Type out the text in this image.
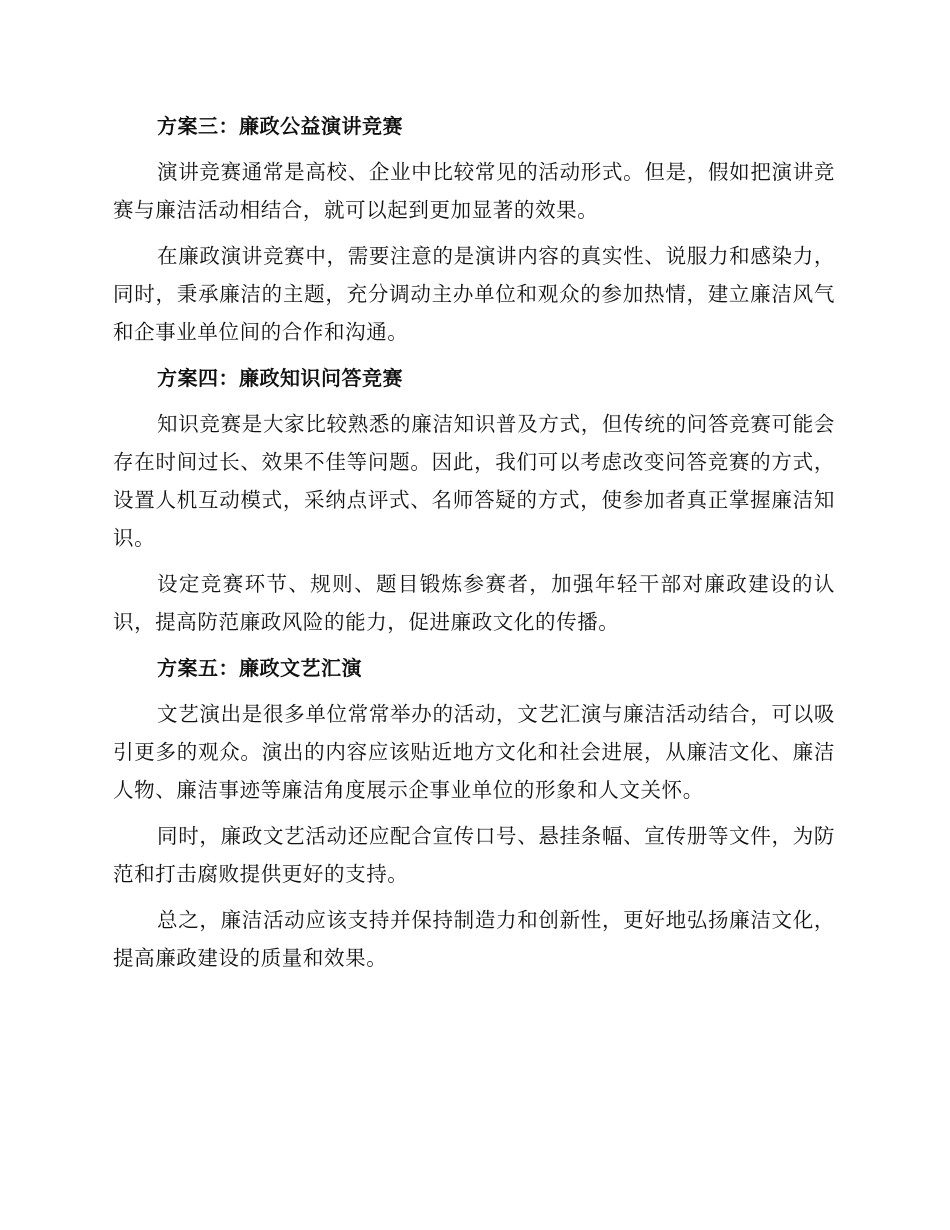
方案三：廉政公益演讲竞赛
演讲竞赛通常是高校、企业中比较常见的活动形式。但是，假如把演讲竞赛与廉洁活动相结合，就可以起到更加显著的效果。
在廉政演讲竞赛中，需要注意的是演讲内容的真实性、说服力和感染力，同时，秉承廉洁的主题，充分调动主办单位和观众的参加热情，建立廉洁风气和企事业单位间的合作和沟通。
方案四：廉政知识问答竞赛
知识竞赛是大家比较熟悉的廉洁知识普及方式，但传统的问答竞赛可能会存在时间过长、效果不佳等问题。因此，我们可以考虑改变问答竞赛的方式，设置人机互动模式，采纳点评式、名师答疑的方式，使参加者真正掌握廉洁知识。
设定竞赛环节、规则、题目锻炼参赛者，加强年轻干部对廉政建设的认识，提高防范廉政风险的能力，促进廉政文化的传播。
方案五：廉政文艺汇演
文艺演出是很多单位常常举办的活动，文艺汇演与廉洁活动结合，可以吸引更多的观众。演出的内容应该贴近地方文化和社会进展，从廉洁文化、廉洁人物、廉洁事迹等廉洁角度展示企事业单位的形象和人文关怀。
同时，廉政文艺活动还应配合宣传口号、悬挂条幅、宣传册等文件，为防范和打击腐败提供更好的支持。
总之，廉洁活动应该支持并保持制造力和创新性，更好地弘扬廉洁文化，提高廉政建设的质量和效果。
